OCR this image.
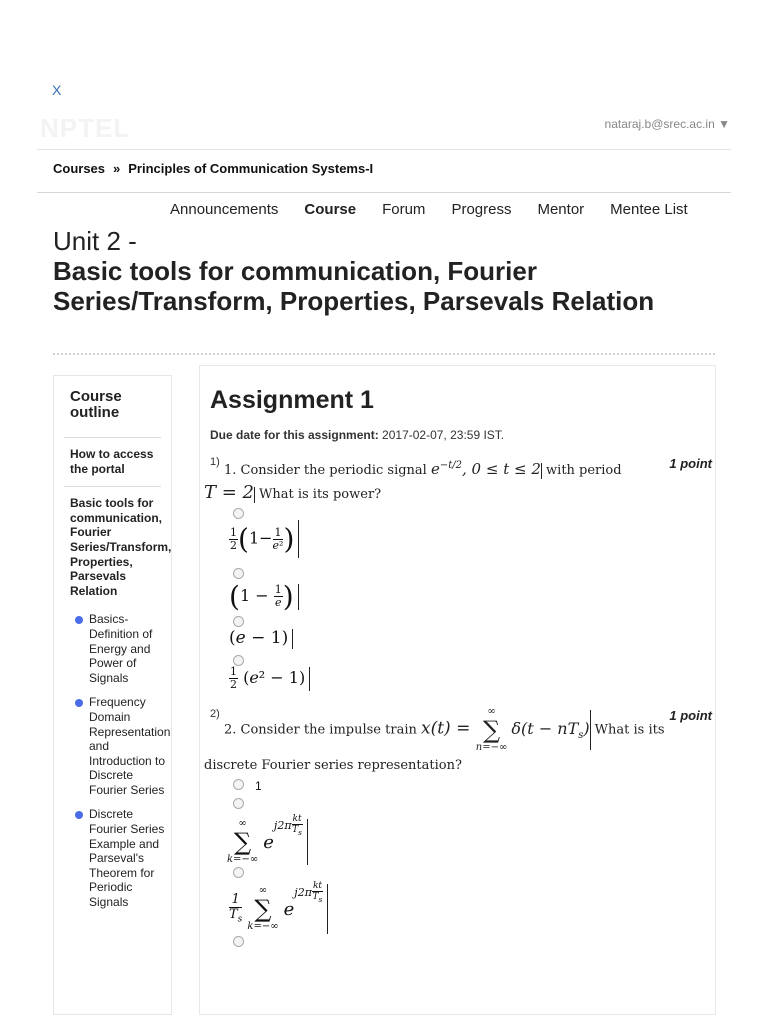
X
NPTEL	nataraj.b@srec.ac.in ▼
Courses » Principles of Communication Systems-I
Announcements Course Forum Progress Mentor Mentee List
Unit 2 -
Basic tools for communication, Fourier Series/Transform, Properties, Parsevals Relation
Course outline
How to access the portal
Basic tools for communication, Fourier Series/Transform, Properties, Parsevals Relation
Basics- Definition of Energy and Power of Signals
Frequency Domain Representation and Introduction to Discrete Fourier Series
Discrete Fourier Series Example and Parseval's Theorem for Periodic Signals
Assignment 1
Due date for this assignment: 2017-02-07, 23:59 IST.
1)	1 point
1. Consider the periodic signal $e^{-t/2}$, 0 ≤ t ≤ 2 with period
T = 2 What is its power?
$\frac{1}{2} (1- \frac{1}{\text{e²}}$ )
($1 - \frac{1}{e}$ )
(e − 1)
$\frac{1}{2} (e^2 - 1)$
2)	1 point
2. Consider the impulse train x(t) =
∞
∑
n=−∞
$\delta(t - nT_s)$ What is its
discrete Fourier series representation?
1
∞
∑
k=−∞
$e^{j2\pi \frac{kt}{T_s}}$
$\frac{1}{T_s}$

∞
∑
k=−∞
$e^{j2\pi \frac{kt}{T_s}}$
